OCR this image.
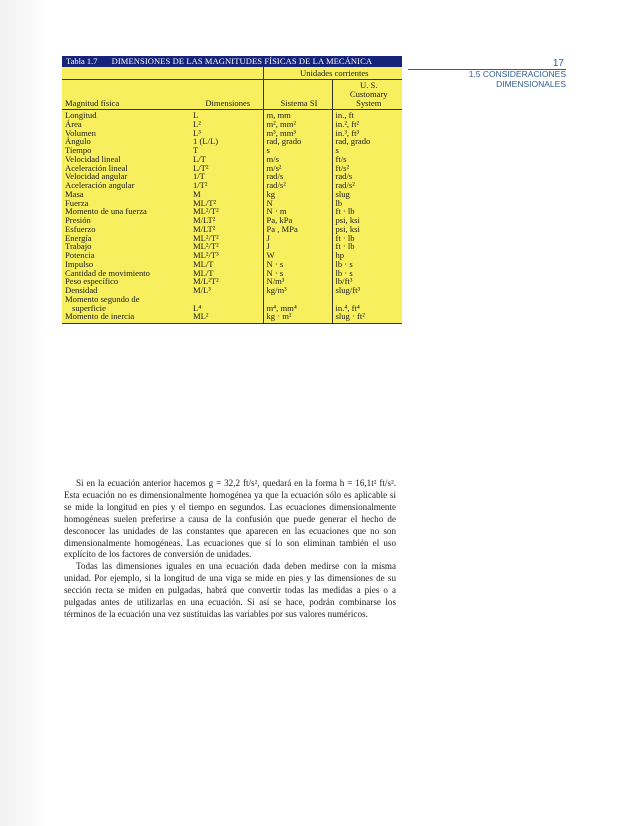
17
1.5 CONSIDERACIONES
DIMENSIONALES
Tabla 1.7 DIMENSIONES DE LAS MAGNITUDES FÍSICAS DE LA MECÁNICA
		Unidades corrientes	
Magnitud física	Dimensiones	Sistema SI	U. S.
Customary
System

Longitud	L	m, mm	in., ft
Área	L²	m², mm²	in.², ft²
Volumen	L³	m³, mm³	in.³, ft³
Ángulo	1 (L/L)	rad, grado	rad, grado
Tiempo	T	s	s
Velocidad lineal	L/T	m/s	ft/s
Aceleración lineal	L/T²	m/s²	ft/s²
Velocidad angular	1/T	rad/s	rad/s
Aceleración angular	1/T²	rad/s²	rad/s²
Masa	M	kg	slug
Fuerza	ML/T²	N	lb
Momento de una fuerza	ML²/T²	N · m	ft · lb
Presión	M/LT²	Pa, kPa	psi, ksi
Esfuerzo	M/LT²	Pa , MPa	psi, ksi
Energía	ML²/T²	J	ft · lb
Trabajo	ML²/T²	J	ft · lb
Potencia	ML²/T³	W	hp
Impulso	ML/T	N · s	lb · s
Cantidad de movimiento	ML/T	N · s	lb · s
Peso específico	M/L²T²	N/m³	lb/ft³
Densidad	M/L³	kg/m³	slug/ft³
Momento segundo de			
superficie	L⁴	m⁴, mm⁴	in.⁴, ft⁴
Momento de inercia	ML²	kg · m²	slug · ft²

Si en la ecuación anterior hacemos g = 32,2 ft/s², quedará en la forma h = 16,1t² ft/s². Esta ecuación no es dimensionalmente homogénea ya que la ecuación sólo es aplicable si se mide la longitud en pies y el tiempo en segundos. Las ecuaciones dimensionalmente homogéneas suelen preferirse a causa de la confusión que puede generar el hecho de desconocer las unidades de las constantes que aparecen en las ecuaciones que no son dimensionalmente homogéneas. Las ecuaciones que sí lo son eliminan también el uso explícito de los factores de conversión de unidades.

Todas las dimensiones iguales en una ecuación dada deben medirse con la misma unidad. Por ejemplo, si la longitud de una viga se mide en pies y las dimensiones de su sección recta se miden en pulgadas, habrá que convertir todas las medidas a pies o a pulgadas antes de utilizarlas en una ecuación. Si así se hace, podrán combinarse los términos de la ecuación una vez sustituidas las variables por sus valores numéricos.
